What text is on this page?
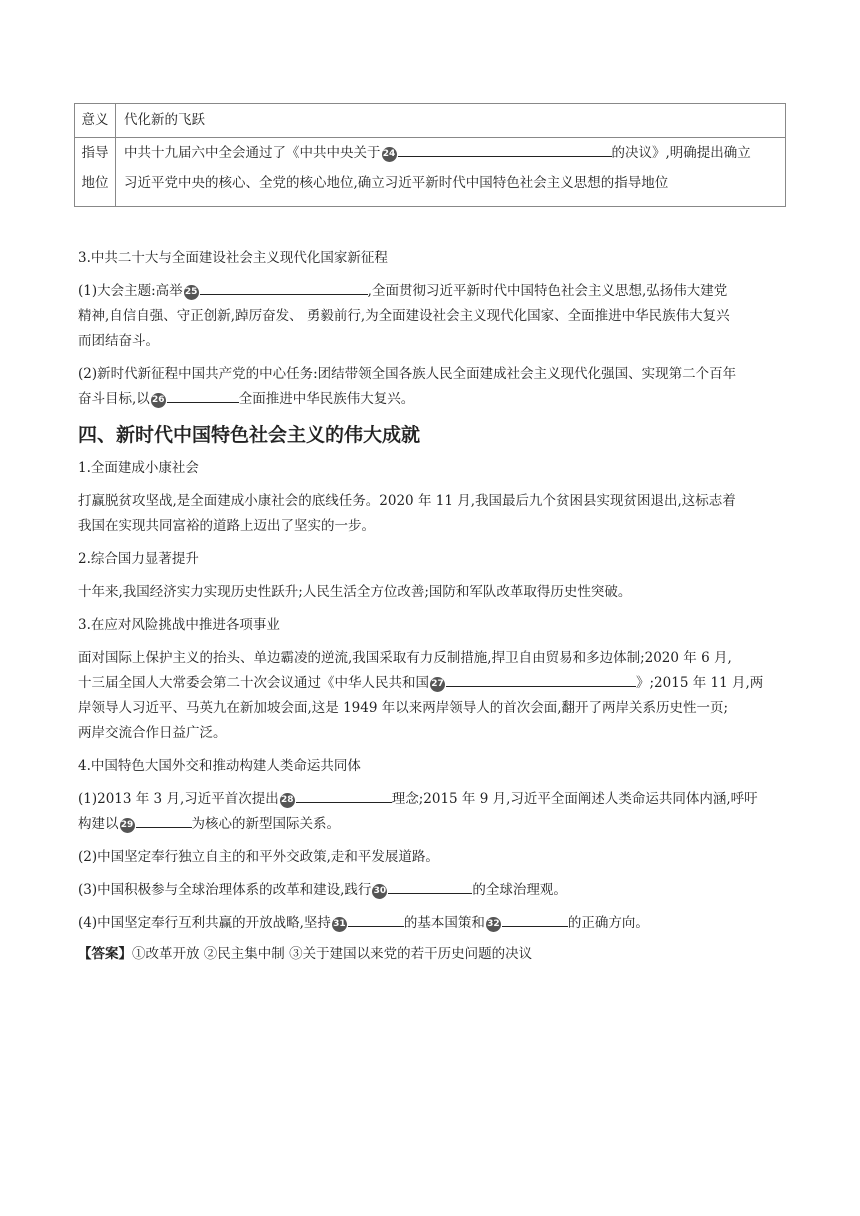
意义	代化新的飞跃
指导
地位	中共十九届六中全会通过了《中共中央关于 24 的决议》,明确提出确立
习近平党中央的核心、全党的核心地位,确立习近平新时代中国特色社会主义思想的指导地位

3.中共二十大与全面建设社会主义现代化国家新征程

(1)大会主题:高举 25	,全面贯彻习近平新时代中国特色社会主义思想,弘扬伟大建党
精神,自信自强、守正创新,踔厉奋发、 勇毅前行,为全面建设社会主义现代化国家、全面推进中华民族伟大复兴
而团结奋斗。

(2)新时代新征程中国共产党的中心任务:团结带领全国各族人民全面建成社会主义现代化强国、实现第二个百年
奋斗目标,以 26	全面推进中华民族伟大复兴。

四、新时代中国特色社会主义的伟大成就

1.全面建成小康社会

打赢脱贫攻坚战,是全面建成小康社会的底线任务。2020 年 11 月,我国最后九个贫困县实现贫困退出,这标志着
我国在实现共同富裕的道路上迈出了坚实的一步。

2.综合国力显著提升

十年来,我国经济实力实现历史性跃升;人民生活全方位改善;国防和军队改革取得历史性突破。

3.在应对风险挑战中推进各项事业

面对国际上保护主义的抬头、单边霸凌的逆流,我国采取有力反制措施,捍卫自由贸易和多边体制;2020 年 6 月,
十三届全国人大常委会第二十次会议通过《中华人民共和国 27	》;2015 年 11 月,两
岸领导人习近平、马英九在新加坡会面,这是 1949 年以来两岸领导人的首次会面,翻开了两岸关系历史性一页;
两岸交流合作日益广泛。

4.中国特色大国外交和推动构建人类命运共同体

(1)2013 年 3 月,习近平首次提出 28	理念;2015 年 9 月,习近平全面阐述人类命运共同体内涵,呼吁
构建以 29	为核心的新型国际关系。

(2)中国坚定奉行独立自主的和平外交政策,走和平发展道路。

(3)中国积极参与全球治理体系的改革和建设,践行 30	的全球治理观。

(4)中国坚定奉行互利共赢的开放战略,坚持 31	的基本国策和 32	的正确方向。

【答案】①改革开放 ②民主集中制 ③关于建国以来党的若干历史问题的决议
